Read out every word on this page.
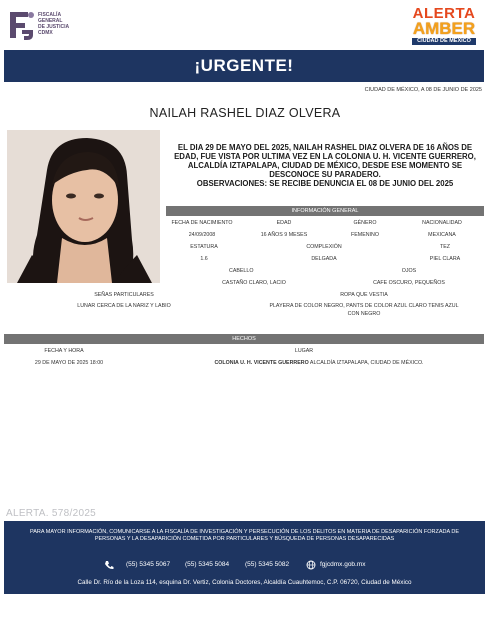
FISCALÍA
GENERAL
DE JUSTICIA
CDMX
ALERTA
AMBER
CIUDAD DE MÉXICO
¡URGENTE!
CIUDAD DE MÉXICO, A 08 DE JUNIO DE 2025
NAILAH RASHEL DIAZ OLVERA
EL DIA 29 DE MAYO DEL 2025, NAILAH RASHEL DIAZ OLVERA DE 16 AÑOS DE EDAD, FUE VISTA POR ULTIMA VEZ EN LA COLONIA U. H. VICENTE GUERRERO, ALCALDÍA IZTAPALAPA, CIUDAD DE MÉXICO, DESDE ESE MOMENTO SE DESCONOCE SU PARADERO.
OBSERVACIONES: SE RECIBE DENUNCIA EL 08 DE JUNIO DEL 2025
INFORMACIÓN GENERAL
FECHA DE NACIMIENTO	EDAD	GÉNERO	NACIONALIDAD
24/09/2008	16 AÑOS 9 MESES	FEMENINO	MEXICANA
ESTATURA	COMPLEXIÓN	TEZ
1.6	DELGADA	PIEL CLARA
CABELLO	OJOS
CASTAÑO CLARO, LACIO	CAFE OSCURO, PEQUEÑOS
SEÑAS PARTICULARES	ROPA QUE VESTIA
LUNAR CERCA DE LA NARIZ Y LABIO	PLAYERA DE COLOR NEGRO, PANTS DE COLOR AZUL CLARO TENIS AZUL
CON NEGRO
HECHOS
FECHA Y HORA	LUGAR
29 DE MAYO DE 2025 18:00	COLONIA U. H. VICENTE GUERRERO ALCALDÍA IZTAPALAPA, CIUDAD DE MÉXICO.
ALERTA. 578/2025
PARA MAYOR INFORMACIÓN, COMUNICARSE A LA FISCALÍA DE INVESTIGACIÓN Y PERSECUCIÓN DE LOS DELITOS EN MATERIA DE DESAPARICIÓN FORZADA DE PERSONAS Y LA DESAPARICIÓN COMETIDA POR PARTICULARES Y BÚSQUEDA DE PERSONAS DESAPARECIDAS
(55) 5345 5067 (55) 5345 5084 (55) 5345 5082	fgjcdmx.gob.mx
Calle Dr. Río de la Loza 114, esquina Dr. Vertiz, Colonia Doctores, Alcaldía Cuauhtemoc, C.P. 06720, Ciudad de México
